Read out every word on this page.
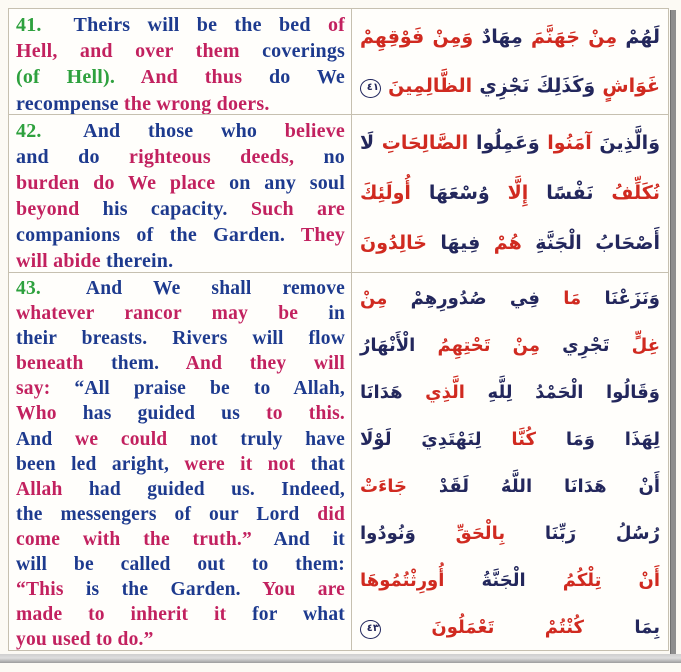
41. Theirs will be the bed of
Hell, and over them coverings
(of Hell). And thus do We
recompense the wrong doers.
لَهُمْ مِنْ جَهَنَّمَ مِهَادٌ وَمِنْ فَوْقِهِمْ
غَوَاشٍ وَكَذَلِكَ نَجْزِي الظَّالِمِينَ ٤١
42. And those who believe
and do righteous deeds, no
burden do We place on any soul
beyond his capacity. Such are
companions of the Garden. They
will abide therein.
وَالَّذِينَ آمَنُوا وَعَمِلُوا الصَّالِحَاتِ لَا
نُكَلِّفُ نَفْسًا إِلَّا وُسْعَهَا أُولَئِكَ
أَصْحَابُ الْجَنَّةِ هُمْ فِيهَا خَالِدُونَ
43. And We shall remove
whatever rancor may be in
their breasts. Rivers will flow
beneath them. And they will
say: “All praise be to Allah,
Who has guided us to this.
And we could not truly have
been led aright, were it not that
Allah had guided us. Indeed,
the messengers of our Lord did
come with the truth.” And it
will be called out to them:
“This is the Garden. You are
made to inherit it for what
you used to do.”
وَنَزَعْنَا مَا فِي صُدُورِهِمْ مِنْ
غِلٍّ تَجْرِي مِنْ تَحْتِهِمُ الْأَنْهَارُ
وَقَالُوا الْحَمْدُ لِلَّهِ الَّذِي هَدَانَا
لِهَذَا وَمَا كُنَّا لِنَهْتَدِيَ لَوْلَا
أَنْ هَدَانَا اللَّهُ لَقَدْ جَاءَتْ
رُسُلُ رَبِّنَا بِالْحَقِّ وَنُودُوا
أَنْ تِلْكُمُ الْجَنَّةُ أُورِثْتُمُوهَا
بِمَا كُنْتُمْ تَعْمَلُونَ ٤٣
